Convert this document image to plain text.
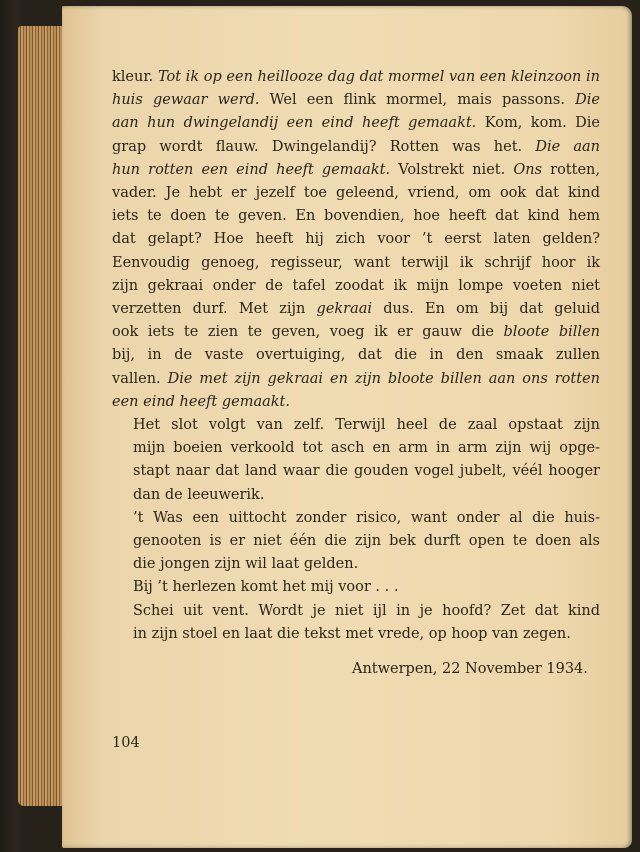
kleur. Tot ik op een heillooze dag dat mormel van een kleinzoon in
huis gewaar werd. Wel een flink mormel, mais passons. Die
aan hun dwingelandij een eind heeft gemaakt. Kom, kom. Die
grap wordt flauw. Dwingelandij? Rotten was het. Die aan
hun rotten een eind heeft gemaakt. Volstrekt niet. Ons rotten,
vader. Je hebt er jezelf toe geleend, vriend, om ook dat kind
iets te doen te geven. En bovendien, hoe heeft dat kind hem
dat gelapt? Hoe heeft hij zich voor ’t eerst laten gelden?
Eenvoudig genoeg, regisseur, want terwijl ik schrijf hoor ik
zijn gekraai onder de tafel zoodat ik mijn lompe voeten niet
verzetten durf. Met zijn gekraai dus. En om bij dat geluid
ook iets te zien te geven, voeg ik er gauw die bloote billen
bij, in de vaste overtuiging, dat die in den smaak zullen
vallen. Die met zijn gekraai en zijn bloote billen aan ons rotten
een eind heeft gemaakt.

Het slot volgt van zelf. Terwijl heel de zaal opstaat zijn
mijn boeien verkoold tot asch en arm in arm zijn wij opge-
stapt naar dat land waar die gouden vogel jubelt, véél hooger
dan de leeuwerik.

’t Was een uittocht zonder risico, want onder al die huis-
genooten is er niet één die zijn bek durft open te doen als
die jongen zijn wil laat gelden.

Bij ’t herlezen komt het mij voor . . .

Schei uit vent. Wordt je niet ijl in je hoofd? Zet dat kind
in zijn stoel en laat die tekst met vrede, op hoop van zegen.

Antwerpen, 22 November 1934.
104
